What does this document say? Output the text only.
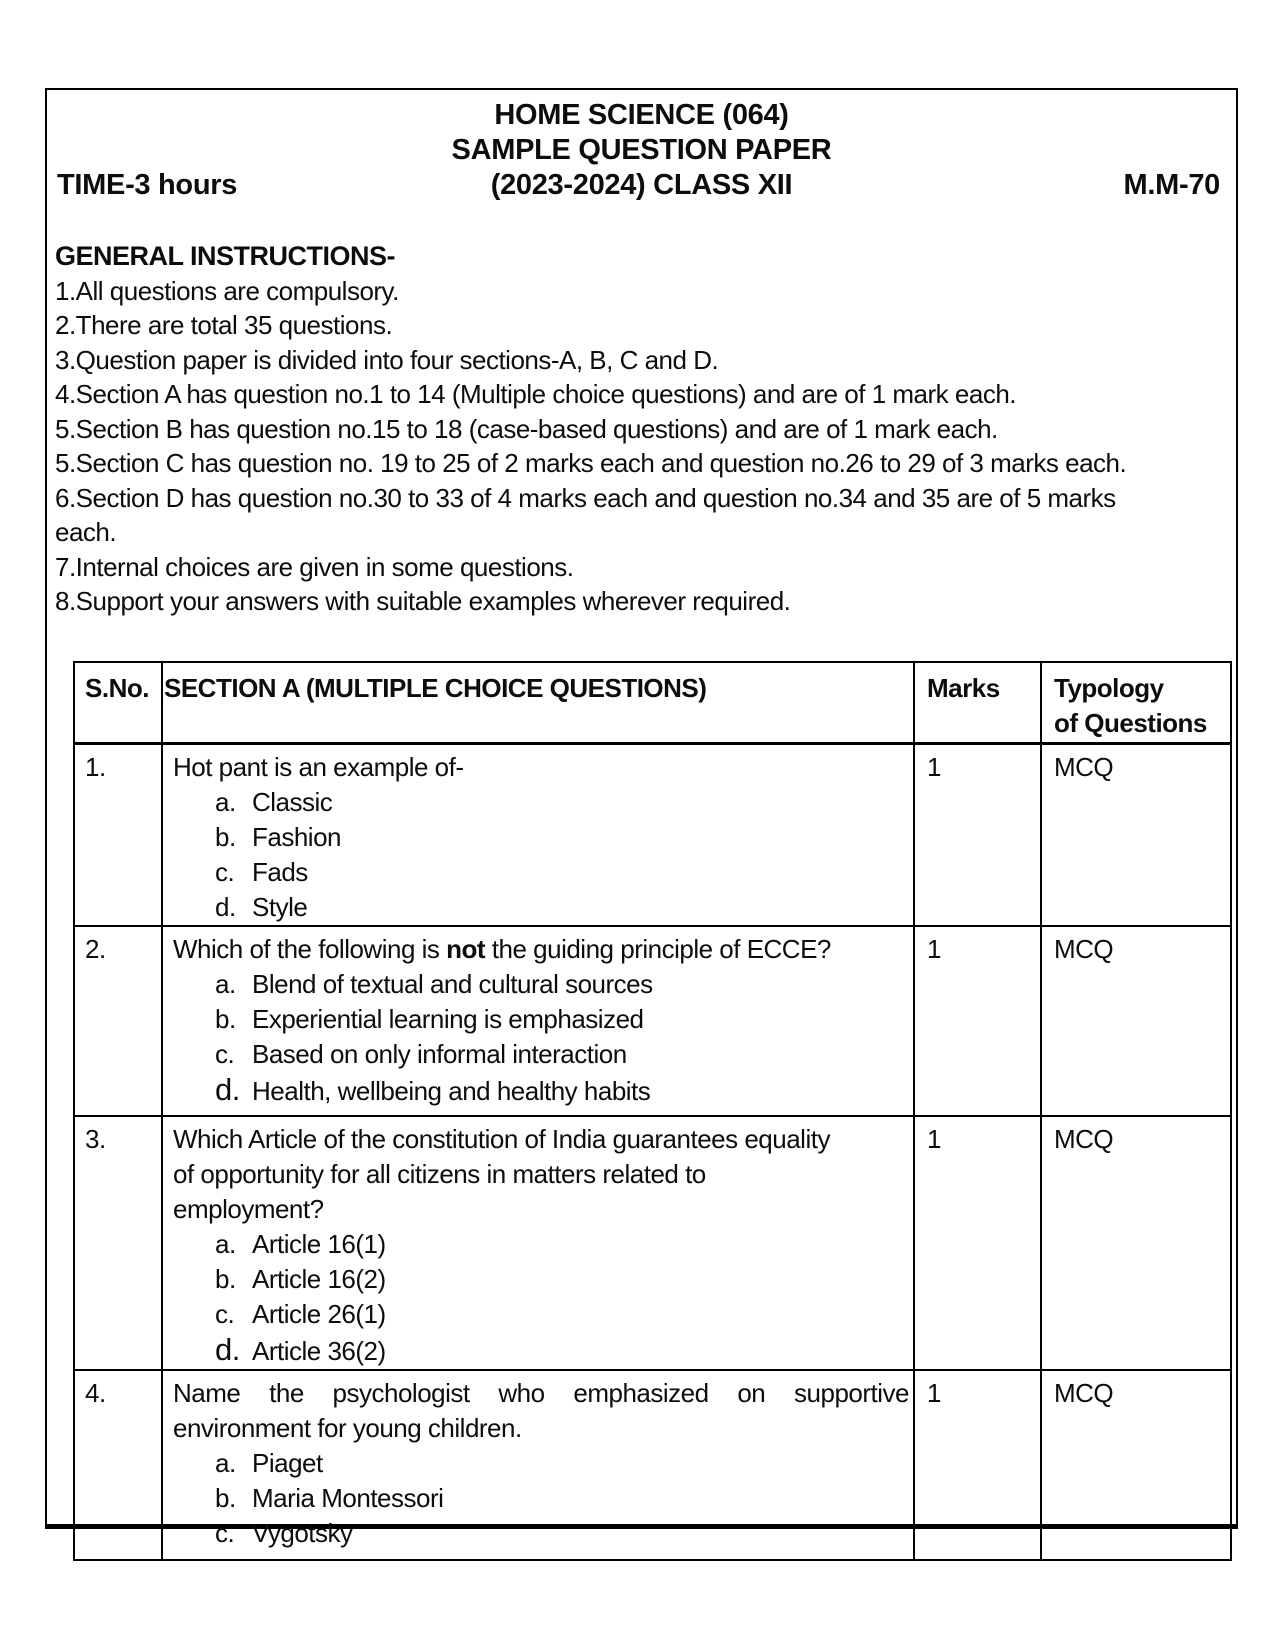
HOME SCIENCE (064)
SAMPLE QUESTION PAPER
TIME-3 hours	(2023-2024) CLASS XII	M.M-70
GENERAL INSTRUCTIONS-
1.All questions are compulsory.
2.There are total 35 questions.
3.Question paper is divided into four sections-A, B, C and D.
4.Section A has question no.1 to 14 (Multiple choice questions) and are of 1 mark each.
5.Section B has question no.15 to 18 (case-based questions) and are of 1 mark each.
5.Section C has question no. 19 to 25 of 2 marks each and question no.26 to 29 of 3 marks each.
6.Section D has question no.30 to 33 of 4 marks each and question no.34 and 35 are of 5 marks
each.
7.Internal choices are given in some questions.
8.Support your answers with suitable examples wherever required.
S.No.	SECTION A (MULTIPLE CHOICE QUESTIONS)	Marks	Typology
of Questions

1.	Hot pant is an example of-
a. Classic
b. Fashion
c. Fads
d. Style	1	MCQ
2.	Which of the following is not the guiding principle of ECCE?
a. Blend of textual and cultural sources
b. Experiential learning is emphasized
c. Based on only informal interaction
d. Health, wellbeing and healthy habits	1	MCQ
3.	Which Article of the constitution of India guarantees equality
of opportunity for all citizens in matters related to
employment?
a. Article 16(1)
b. Article 16(2)
c. Article 26(1)
d. Article 36(2)
	1	MCQ
4.	Name the psychologist who emphasized on supportive
environment for young children.
a. Piaget
b. Maria Montessori
c. Vygotsky	1	MCQ
